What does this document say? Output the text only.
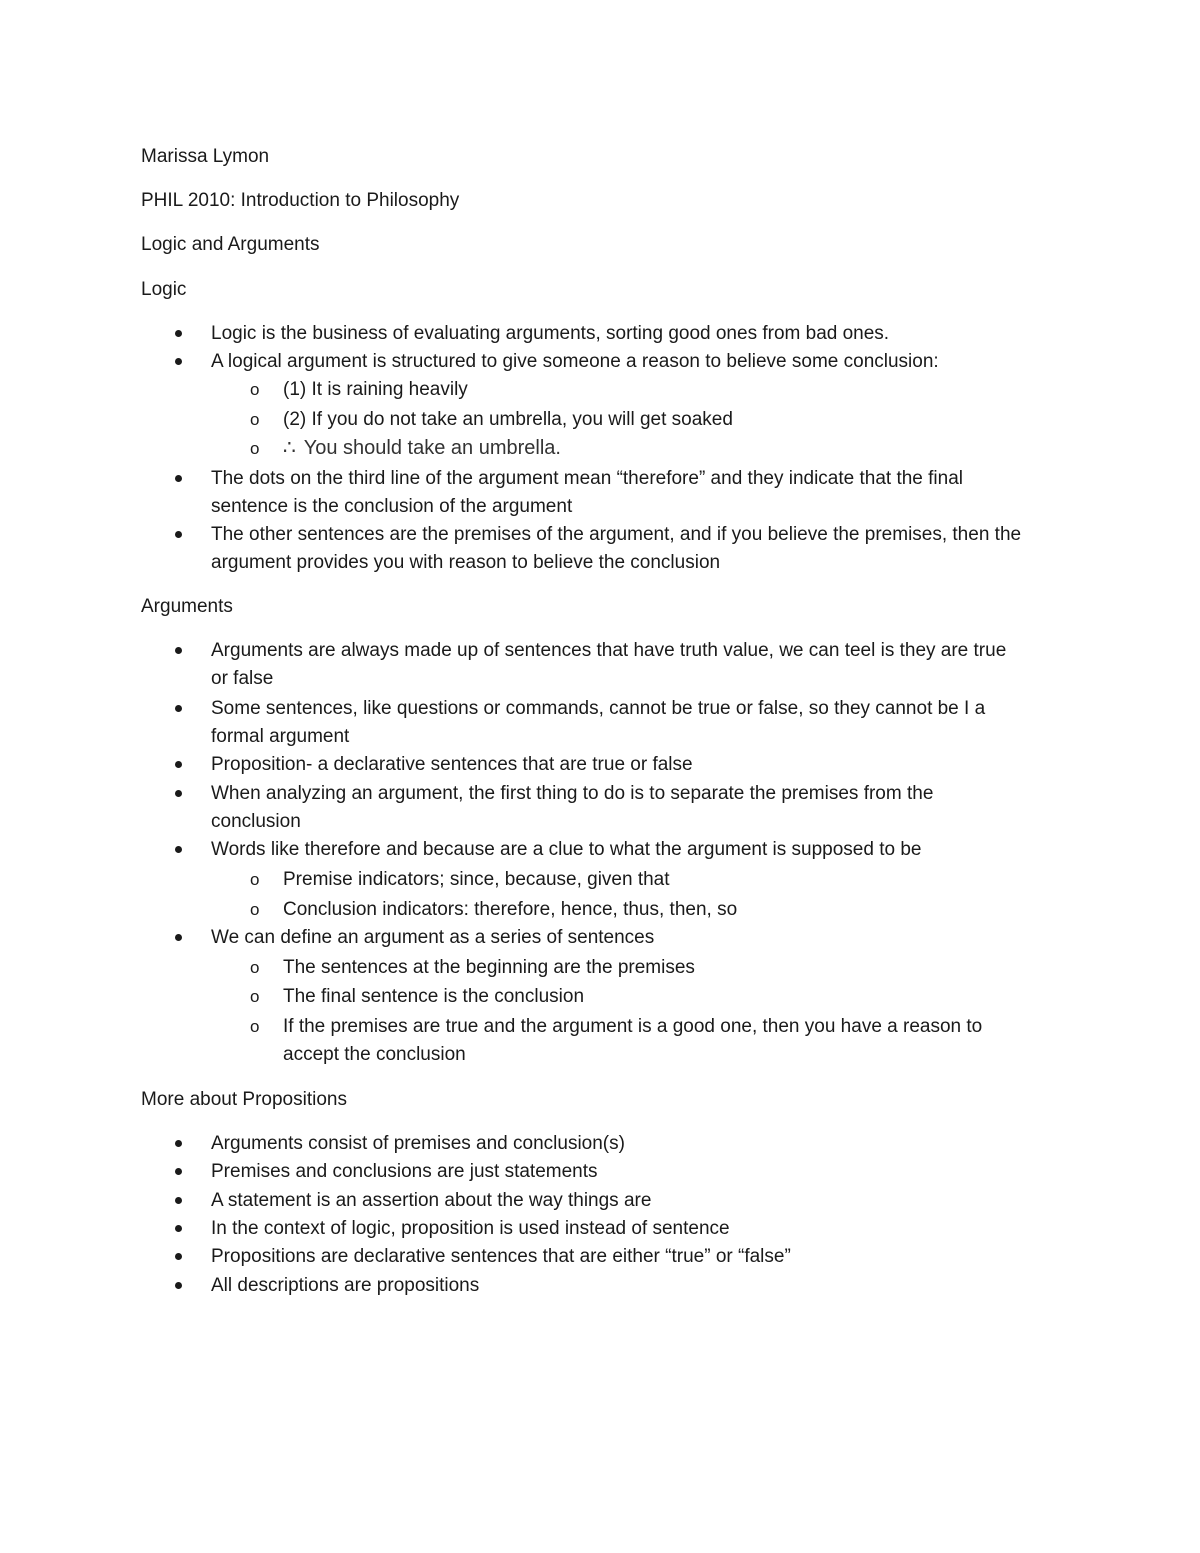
Marissa Lymon
PHIL 2010: Introduction to Philosophy
Logic and Arguments
Logic
Logic is the business of evaluating arguments, sorting good ones from bad ones.
A logical argument is structured to give someone a reason to believe some conclusion:
o (1) It is raining heavily
o (2) If you do not take an umbrella, you will get soaked
o ∴ You should take an umbrella.
The dots on the third line of the argument mean “therefore” and they indicate that the final
sentence is the conclusion of the argument
The other sentences are the premises of the argument, and if you believe the premises, then the
argument provides you with reason to believe the conclusion
Arguments
Arguments are always made up of sentences that have truth value, we can teel is they are true
or false
Some sentences, like questions or commands, cannot be true or false, so they cannot be I a
formal argument
Proposition- a declarative sentences that are true or false
When analyzing an argument, the first thing to do is to separate the premises from the
conclusion
Words like therefore and because are a clue to what the argument is supposed to be
o Premise indicators; since, because, given that
o Conclusion indicators: therefore, hence, thus, then, so
We can define an argument as a series of sentences
o The sentences at the beginning are the premises
o The final sentence is the conclusion
o If the premises are true and the argument is a good one, then you have a reason to
accept the conclusion
More about Propositions
Arguments consist of premises and conclusion(s)
Premises and conclusions are just statements
A statement is an assertion about the way things are
In the context of logic, proposition is used instead of sentence
Propositions are declarative sentences that are either “true” or “false”
All descriptions are propositions
